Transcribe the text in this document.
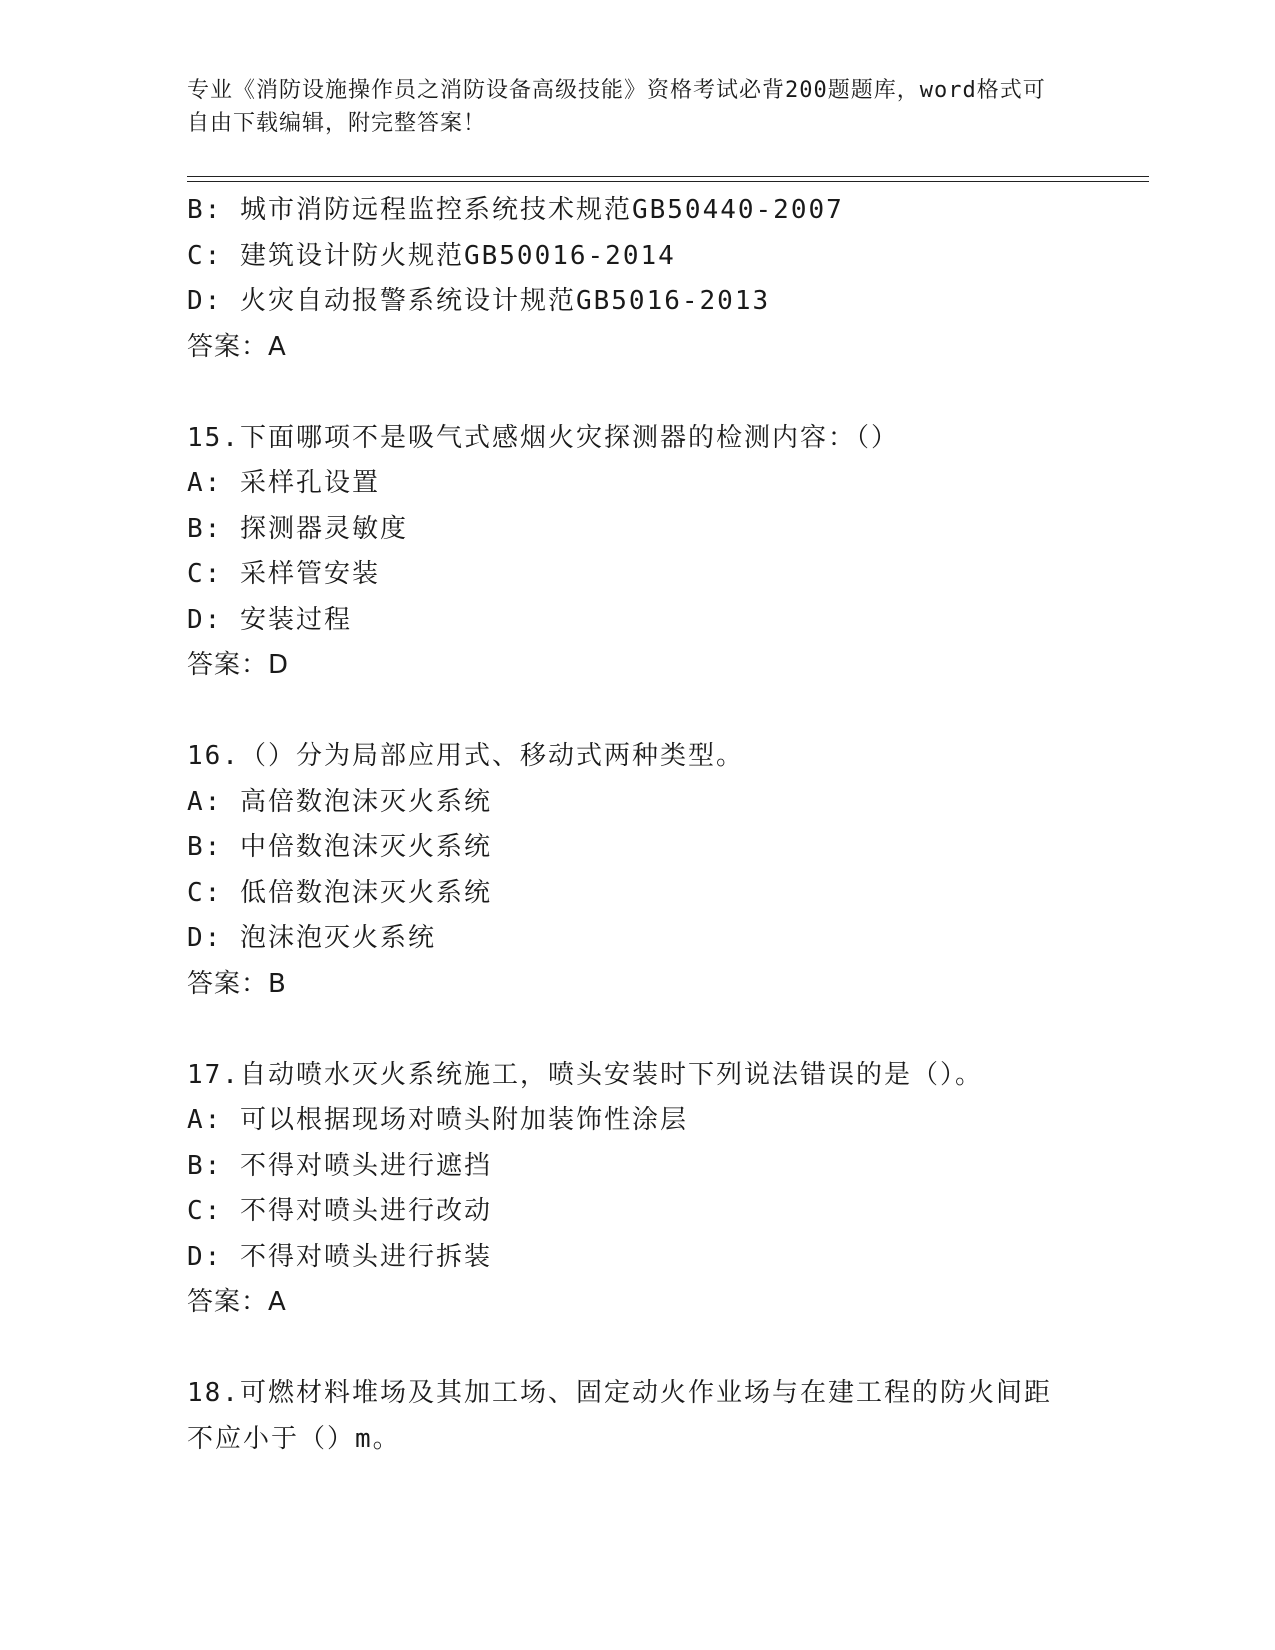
专业《消防设施操作员之消防设备高级技能》资格考试必背200题题库，word格式可自由下载编辑，附完整答案！
B: 城市消防远程监控系统技术规范GB50440-2007
C: 建筑设计防火规范GB50016-2014
D: 火灾自动报警系统设计规范GB5016-2013
答案：A
15.下面哪项不是吸气式感烟火灾探测器的检测内容：（）
A: 采样孔设置
B: 探测器灵敏度
C: 采样管安装
D: 安装过程
答案：D
16.（）分为局部应用式、移动式两种类型。
A: 高倍数泡沫灭火系统
B: 中倍数泡沫灭火系统
C: 低倍数泡沫灭火系统
D: 泡沫泡灭火系统
答案：B
17.自动喷水灭火系统施工，喷头安装时下列说法错误的是（）。
A: 可以根据现场对喷头附加装饰性涂层
B: 不得对喷头进行遮挡
C: 不得对喷头进行改动
D: 不得对喷头进行拆装
答案：A
18.可燃材料堆场及其加工场、固定动火作业场与在建工程的防火间距不应小于（）m。
